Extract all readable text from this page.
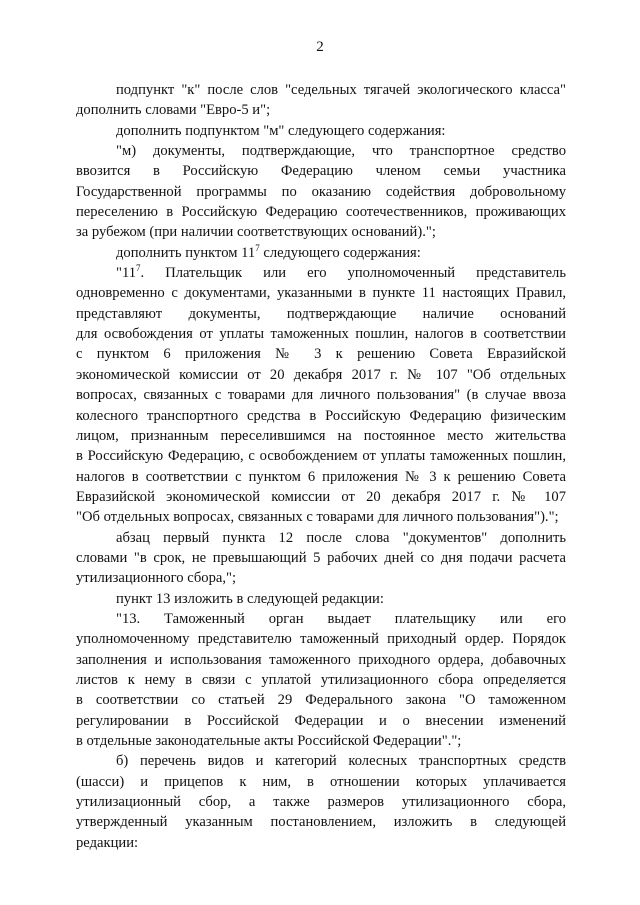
2
подпункт "к" после слов "седельных тягачей экологического класса"
дополнить словами "Евро-5 и";
дополнить подпунктом "м" следующего содержания:
"м) документы, подтверждающие, что транспортное средство
ввозится в Российскую Федерацию членом семьи участника
Государственной программы по оказанию содействия добровольному
переселению в Российскую Федерацию соотечественников, проживающих
за рубежом (при наличии соответствующих оснований).";
дополнить пунктом $11^7$ следующего содержания:
"$11^7$. Плательщик или его уполномоченный представитель
одновременно с документами, указанными в пункте 11 настоящих Правил,
представляют документы, подтверждающие наличие оснований
для освобождения от уплаты таможенных пошлин, налогов в соответствии
с пунктом 6 приложения № 3 к решению Совета Евразийской
экономической комиссии от 20 декабря 2017 г. № 107 "Об отдельных
вопросах, связанных с товарами для личного пользования" (в случае ввоза
колесного транспортного средства в Российскую Федерацию физическим
лицом, признанным переселившимся на постоянное место жительства
в Российскую Федерацию, с освобождением от уплаты таможенных пошлин,
налогов в соответствии с пунктом 6 приложения № 3 к решению Совета
Евразийской экономической комиссии от 20 декабря 2017 г. № 107
"Об отдельных вопросах, связанных с товарами для личного пользования").";
абзац первый пункта 12 после слова "документов" дополнить
словами "в срок, не превышающий 5 рабочих дней со дня подачи расчета
утилизационного сбора,";
пункт 13 изложить в следующей редакции:
"13. Таможенный орган выдает плательщику или его
уполномоченному представителю таможенный приходный ордер. Порядок
заполнения и использования таможенного приходного ордера, добавочных
листов к нему в связи с уплатой утилизационного сбора определяется
в соответствии со статьей 29 Федерального закона "О таможенном
регулировании в Российской Федерации и о внесении изменений
в отдельные законодательные акты Российской Федерации".";
б) перечень видов и категорий колесных транспортных средств
(шасси) и прицепов к ним, в отношении которых уплачивается
утилизационный сбор, а также размеров утилизационного сбора,
утвержденный указанным постановлением, изложить в следующей
редакции:
